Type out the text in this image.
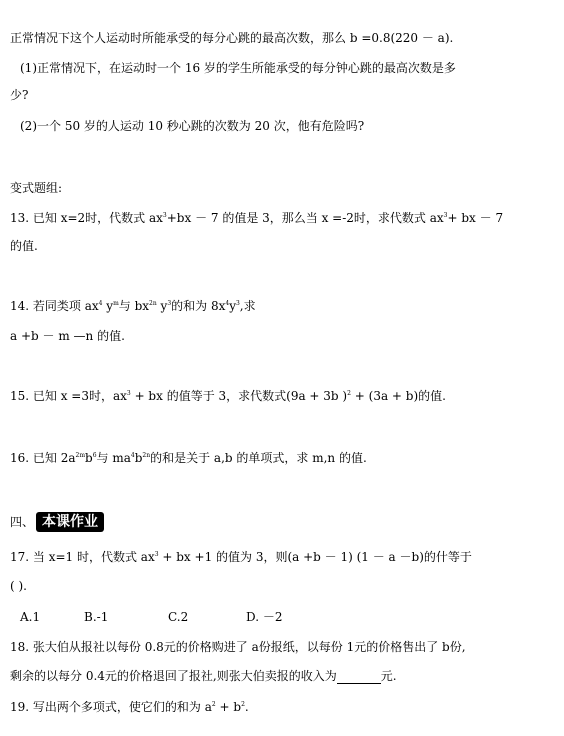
正常情况下这个人运动时所能承受的每分心跳的最高次数，那么 b =0.8(220 － a).
(1)正常情况下，在运动时一个 16 岁的学生所能承受的每分钟心跳的最高次数是多
少?
(2)一个 50 岁的人运动 10 秒心跳的次数为 20 次，他有危险吗?
变式题组:
13. 已知 x=2时，代数式 $ax^3+bx - 7$ 的值是 3，那么当 x =-2时，求代数式 $ax^3+$ bx － 7
的值.
14. 若同类项 $ax^4$ $y^m$与 $bx^{2n}$ $y^3$的和为 $8x^4y^3$,求
a +b － m —n 的值.
15. 已知 x =3时，$ax^3$ + bx 的值等于 3，求代数式(9a + 3b )$^2$ + (3a + b)的值.
16. 已知 $2a^{2m}b^6$与 $ma^4b^{2n}$的和是关于 a,b 的单项式，求 m,n 的值.
四、 本课作业
17. 当 x=1 时，代数式 $ax^3$ + bx +1 的值为 3，则(a +b － 1) (1 － a －b)的什等于
( ).
A.1	B.-1	C.2	D. －2
18. 张大伯从报社以每份 0.8元的价格购进了 a份报纸，以每份 1元的价格售出了 b份,
剩余的以每分 0.4元的价格退回了报社,则张大伯卖报的收入为	元.
19. 写出两个多项式，使它们的和为 $a^2 + b^2$.
